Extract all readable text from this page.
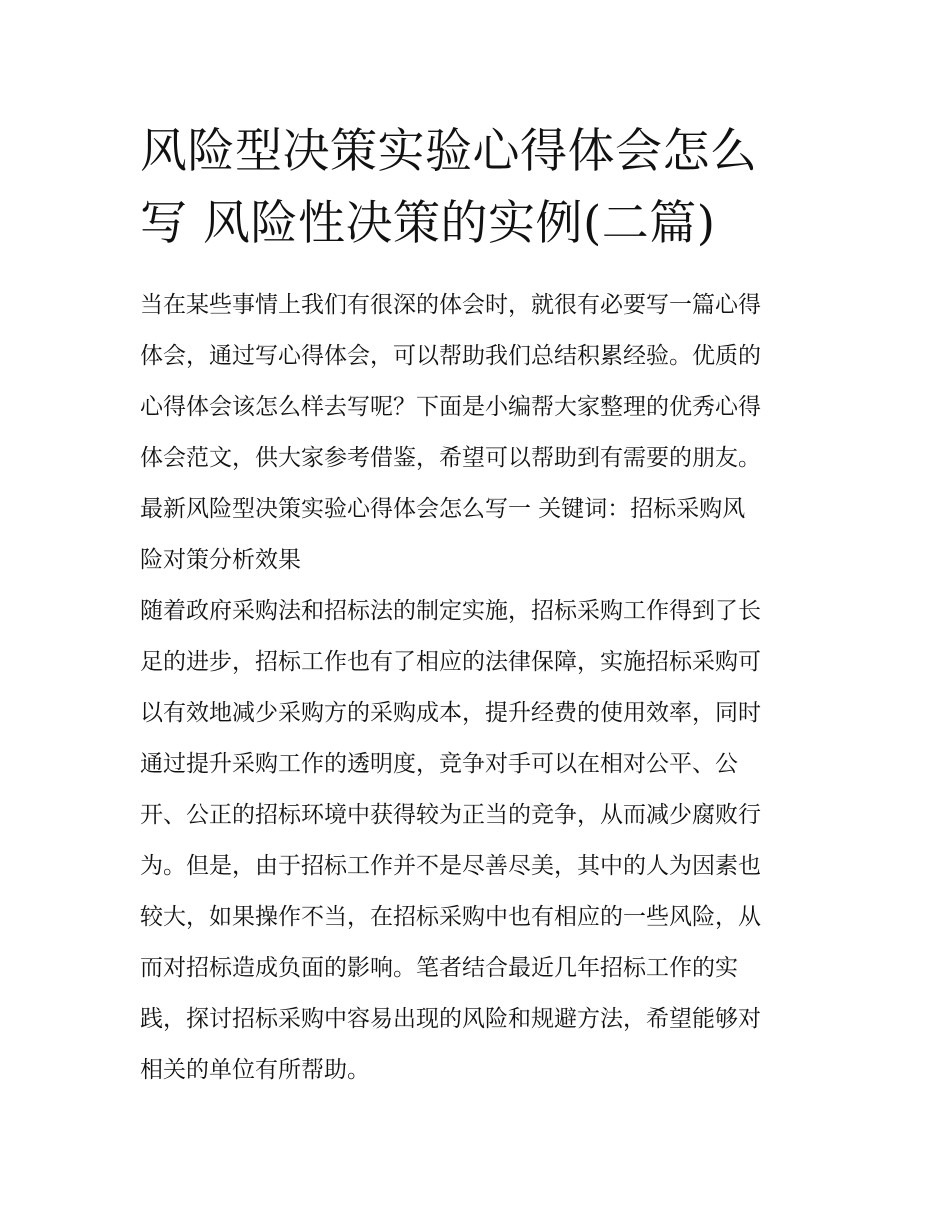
风险型决策实验心得体会怎么
写 风险性决策的实例(二篇)

当在某些事情上我们有很深的体会时，就很有必要写一篇心得
体会，通过写心得体会，可以帮助我们总结积累经验。优质的
心得体会该怎么样去写呢？下面是小编帮大家整理的优秀心得
体会范文，供大家参考借鉴，希望可以帮助到有需要的朋友。

最新风险型决策实验心得体会怎么写一 关键词：招标采购风
险对策分析效果

随着政府采购法和招标法的制定实施，招标采购工作得到了长
足的进步，招标工作也有了相应的法律保障，实施招标采购可
以有效地减少采购方的采购成本，提升经费的使用效率，同时
通过提升采购工作的透明度，竞争对手可以在相对公平、公
开、公正的招标环境中获得较为正当的竞争，从而减少腐败行
为。但是，由于招标工作并不是尽善尽美，其中的人为因素也
较大，如果操作不当，在招标采购中也有相应的一些风险，从
而对招标造成负面的影响。笔者结合最近几年招标工作的实
践，探讨招标采购中容易出现的风险和规避方法，希望能够对
相关的单位有所帮助。
